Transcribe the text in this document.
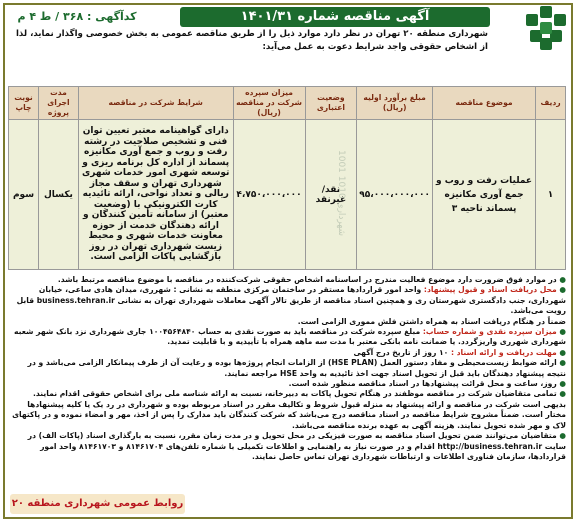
آگهی مناقصه شماره ۱۴۰۱/۳۱
کدآگهی : ۳۶۸ / ط ۴ م
شهرداری منطقه ۲۰ تهران در نظر دارد موارد ذیل را از طریق مناقصه عمومی به بخش خصوصی واگذار نماید، لذا از اشخاص حقوقی واجد شرایط دعوت به عمل می‌آید:
ردیف	موضوع مناقصه	مبلغ برآورد اولیه (ریال)	وضعیت اعتباری	میزان سپرده شرکت در مناقصه (ریال)	شرایط شرکت در مناقصه	مدت اجرای پروژه	نوبت چاپ
۱	عملیات رفت و روب و جمع آوری مکانیزه پسماند ناحیه ۳	۹۵،۰۰۰،۰۰۰،۰۰۰	نقد/غیرنقد	۴،۷۵۰،۰۰۰،۰۰۰	دارای گواهینامه معتبر تعیین توان فنی و تشخیص صلاحیت در رشته رفت و روب و جمع آوری مکانیزه پسماند از اداره کل برنامه ریزی و توسعه شهری امور خدمات شهری شهرداری تهران و سقف مجاز ریالی و تعداد نواحی، ارائه تائیدیه کارت الکترونیکی با (وضعیت معتبر) از سامانه تأمین کنندگان و ارائه دهندگان خدمت از حوزه معاونت خدمات شهری و محیط زیست شهرداری تهران در روز بازگشایی پاکات الزامی است.	یکسال	سوم	1001 1010 شهرداری

● در موارد فوق ضرورت دارد موضوع فعالیت مندرج در اساسنامه اشخاص حقوقی شرکت‌کننده در مناقصه با موضوع مناقصه مرتبط باشد.

● محل دریافت اسناد و قبول پیشنهاد: واحد امور قراردادها مستقر در ساختمان مرکزی منطقه به نشانی : شهرری، میدان هادی ساعی، خیابان شهرداری، جنب دادگستری شهرستان ری و همچنین اسناد مناقصه از طریق تالار آگهی معاملات شهرداری تهران به نشانی business.tehran.ir قابل رویت می‌باشد.

ضمناً در هنگام دریافت اسناد به همراه داشتن فلش مموری الزامی است.

● میزان سپرده نقدی و شماره حساب: مبلغ سپرده شرکت در مناقصه باید به صورت نقدی به حساب ۱۰۰۴۵۶۴۸۴۰ جاری شهرداری نزد بانک شهر شعبه شهرداری شهرری واریزگردد. یا ضمانت نامه بانکی معتبر با مدت سه ماهه همراه با تأییدیه و با قابلیت تمدید.

● مهلت دریافت و ارائه اسناد : ۱۰ روز از تاریخ درج آگهی

● ارائه ضوابط زیست‌محیطی و مفاد دستور العمل (HSE PLAN) از الزامات انجام پروژه‌ها بوده و رعایت آن از طرف پیمانکار الزامی می‌باشد و در نتیجه پیشنهاد دهندگان باید قبل از تحویل اسناد جهت اخذ تائیدیه به واحد HSE مراجعه نمایند.

● روز، ساعت و محل قرائت پیشنهادها در اسناد مناقصه منظور شده است.

● تمامی متقاضیان شرکت در مناقصه موظفند در هنگام تحویل پاکات به دبیرخانه، نسبت به ارائه شناسه ملی برای اشخاص حقوقی اقدام نمایند. بدیهی است شرکت در مناقصه و ارائه پیشنهاد به منزله قبول شروط و تکالیف مقرر در اسناد مربوطه بوده و شهرداری در رد یک یا کلیه پیشنهادها مختار است. ضمناً مشروح شرایط مناقصه در اسناد مناقصه درج می‌باشد که شرکت کنندگان باید مدارک را پس از اخذ، مهر و امضاء نموده و در پاکتهای لاک و مهر شده تحویل نمایند. هزینه آگهی به عهده برنده مناقصه می‌باشد.

● متقاضیان می‌توانند ضمن تحویل اسناد مناقصه به صورت فیزیکی در محل تحویل و در مدت زمان مقرر، نسبت به بارگذاری اسناد (پاکات الف) در سایت http://business.tehran.ir اقدام و در صورت نیاز به راهنمایی و اطلاعات تکمیلی با شماره تلفن‌های ۸۱۴۶۱۷۰۴ و ۸۱۴۶۱۷۰۳ واحد امور قراردادها، سازمان فناوری اطلاعات و ارتباطات شهرداری تهران تماس حاصل نمایند.

روابط عمومی شهرداری منطقه ۲۰
